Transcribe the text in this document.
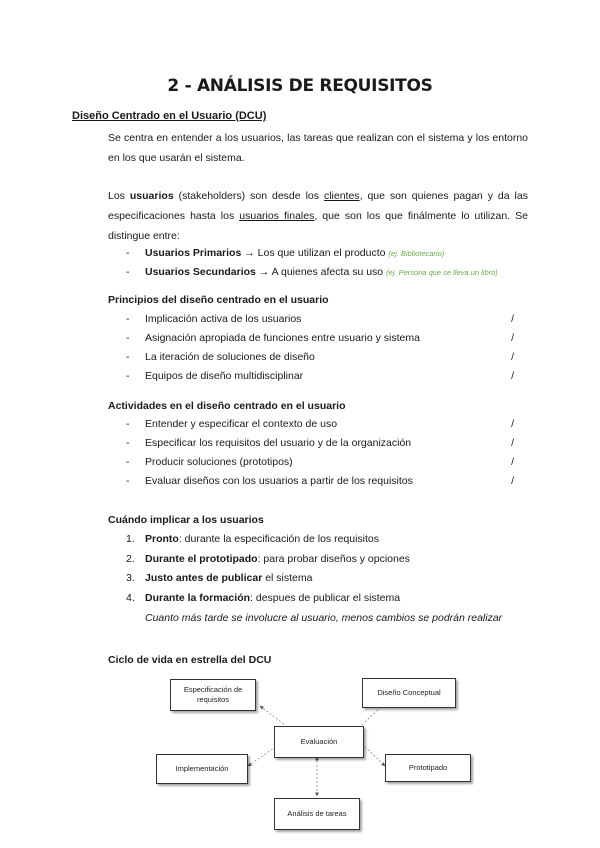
2 - ANÁLISIS DE REQUISITOS
Diseño Centrado en el Usuario (DCU)

Se centra en entender a los usuarios, las tareas que realizan con el sistema y los entorno en los que usarán el sistema.

Los usuarios (stakeholders) son desde los clientes, que son quienes pagan y da las especificaciones hasta los usuarios finales, que son los que finálmente lo utilizan. Se distingue entre:

- Usuarios Primarios → Los que utilizan el producto (ej. Bibliotecario)
- Usuarios Secundarios → A quienes afecta su uso (ej. Persona que se lleva un libro)
Principios del diseño centrado en el usuario
- Implicación activa de los usuarios	/
- Asignación apropiada de funciones entre usuario y sistema	/
- La iteración de soluciones de diseño	/
- Equipos de diseño multidisciplinar	/
Actividades en el diseño centrado en el usuario
- Entender y especificar el contexto de uso	/
- Especificar los requisitos del usuario y de la organización	/
- Producir soluciones (prototipos)	/
- Evaluar diseños con los usuarios a partir de los requisitos	/
Cuándo implicar a los usuarios
1. Pronto: durante la especificación de los requisitos
2. Durante el prototipado: para probar diseños y opciones
3. Justo antes de publicar el sistema
4. Durante la formación: despues de publicar el sistema
Cuanto más tarde se involucre al usuario, menos cambios se podrán realizar
Ciclo de vida en estrella del DCU
Especificación de requisitos
Diseño Conceptual
Evaluación
Implementación	Prototipado
Análisis de tareas
